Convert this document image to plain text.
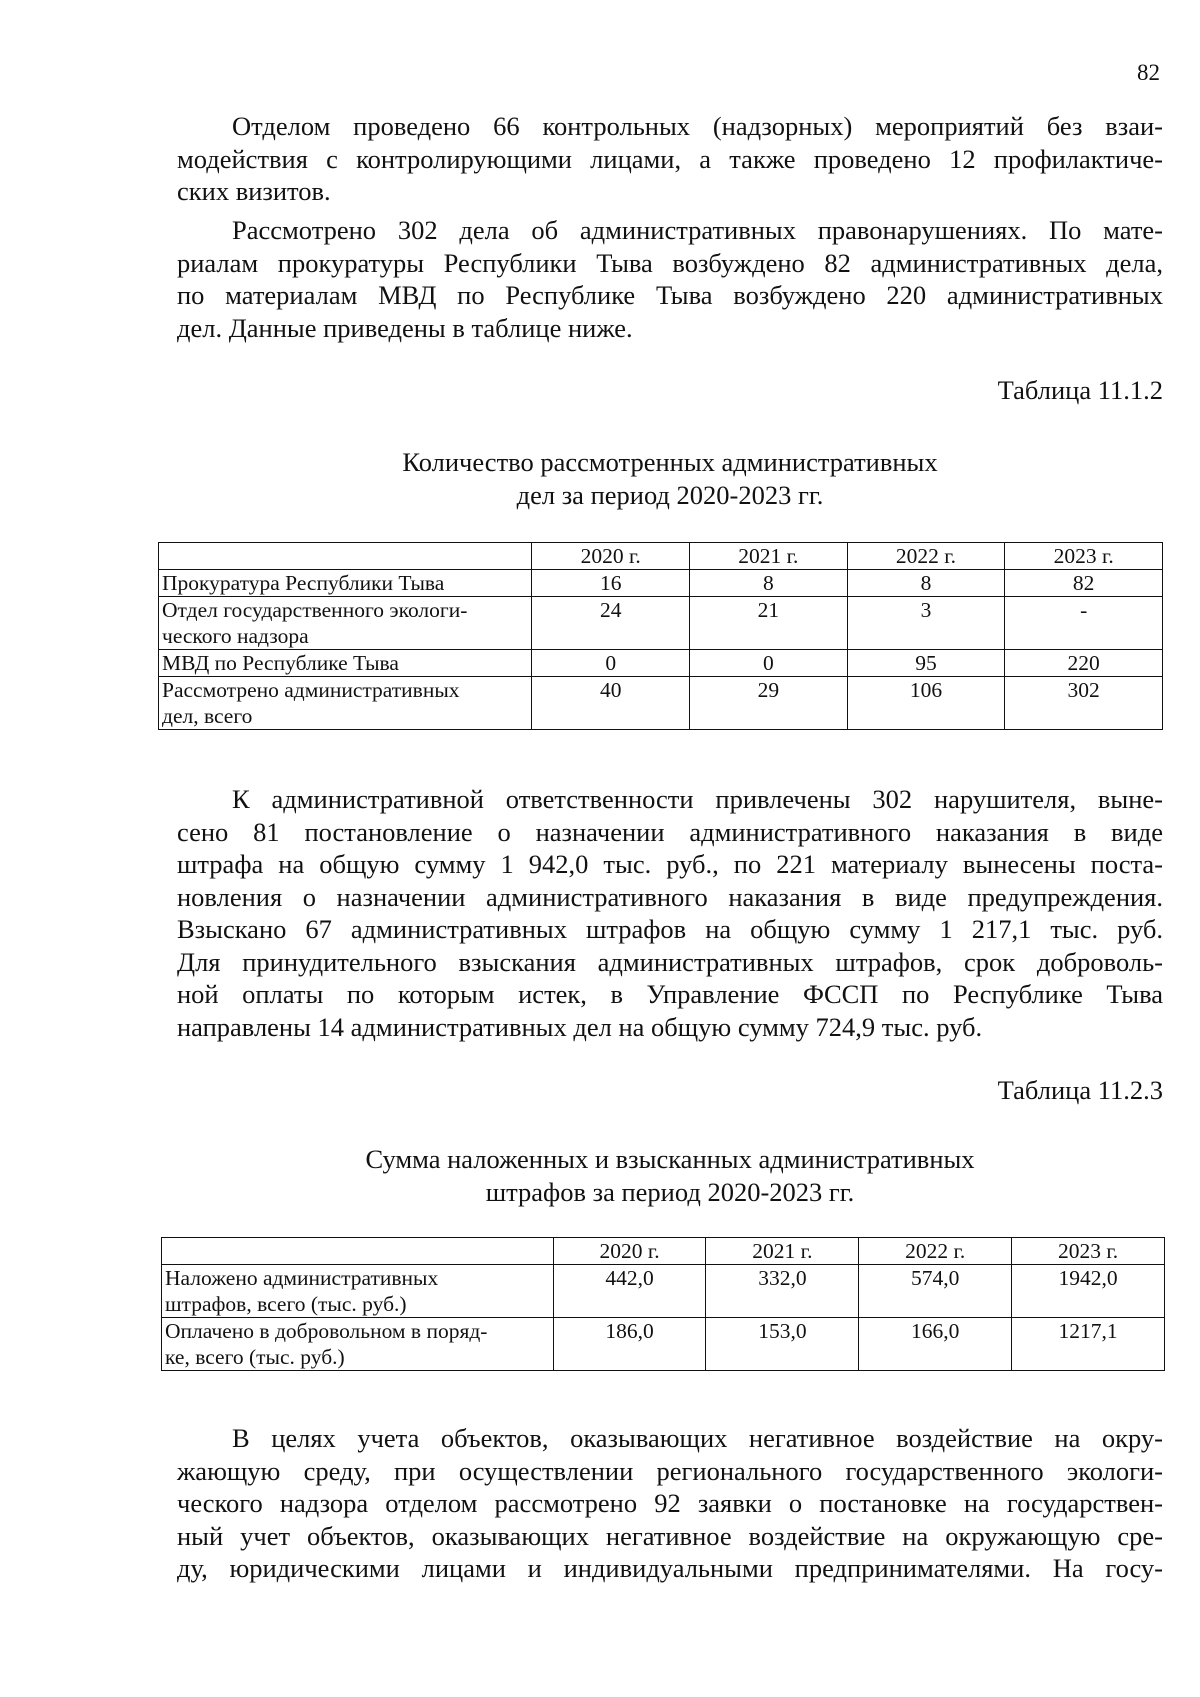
82

Отделом проведено 66 контрольных (надзорных) мероприятий без взаи-
модействия с контролирующими лицами, а также проведено 12 профилактиче-
ских визитов.

Рассмотрено 302 дела об административных правонарушениях. По мате-
риалам прокуратуры Республики Тыва возбуждено 82 административных дела,
по материалам МВД по Республике Тыва возбуждено 220 административных
дел. Данные приведены в таблице ниже.

Таблица 11.1.2
Количество рассмотренных административных
дел за период 2020-2023 гг.
	2020 г.	2021 г.	2022 г.	2023 г.

Прокуратура Республики Тыва	16	8	8	82

Отдел государственного экологи-
ческого надзора	24	21	3	-

МВД по Республике Тыва	0	0	95	220

Рассмотрено административных
дел, всего	40	29	106	302

К административной ответственности привлечены 302 нарушителя, выне-
сено 81 постановление о назначении административного наказания в виде
штрафа на общую сумму 1 942,0 тыс. руб., по 221 материалу вынесены поста-
новления о назначении административного наказания в виде предупреждения.
Взыскано 67 административных штрафов на общую сумму 1 217,1 тыс. руб.
Для принудительного взыскания административных штрафов, срок доброволь-
ной оплаты по которым истек, в Управление ФССП по Республике Тыва
направлены 14 административных дел на общую сумму 724,9 тыс. руб.

Таблица 11.2.3
Сумма наложенных и взысканных административных
штрафов за период 2020-2023 гг.
	2020 г.	2021 г.	2022 г.	2023 г.

Наложено административных
штрафов, всего (тыс. руб.)	442,0	332,0	574,0	1942,0

Оплачено в добровольном в поряд-
ке, всего (тыс. руб.)	186,0	153,0	166,0	1217,1

В целях учета объектов, оказывающих негативное воздействие на окру-
жающую среду, при осуществлении регионального государственного экологи-
ческого надзора отделом рассмотрено 92 заявки о постановке на государствен-
ный учет объектов, оказывающих негативное воздействие на окружающую сре-
ду, юридическими лицами и индивидуальными предпринимателями. На госу-
